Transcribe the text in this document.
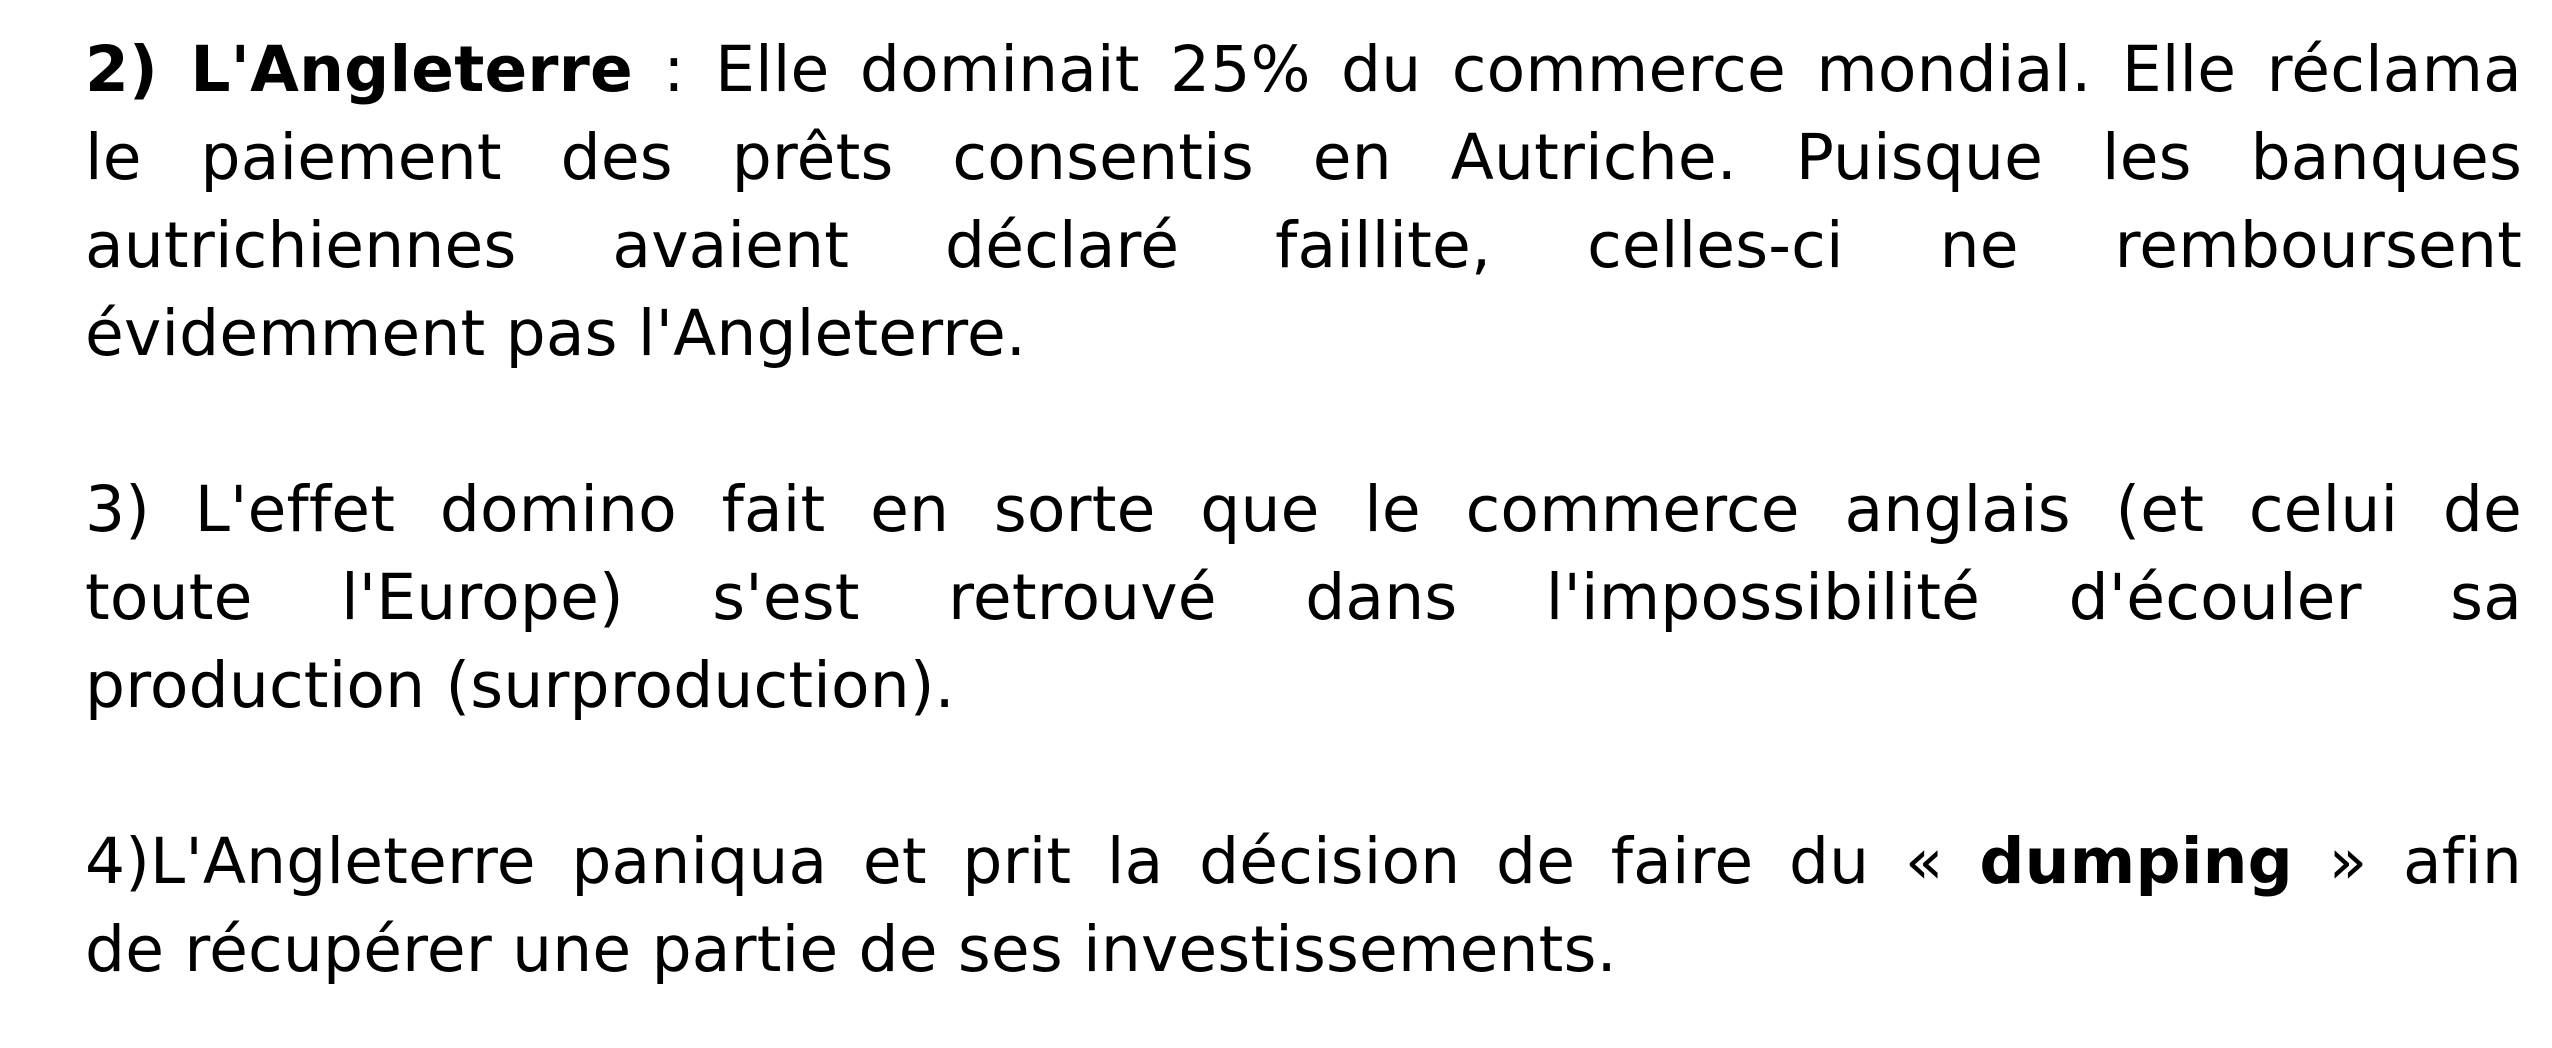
2) L'Angleterre : Elle dominait 25% du commerce mondial. Elle réclama
le paiement des prêts consentis en Autriche. Puisque les banques
autrichiennes avaient déclaré faillite, celles-ci ne remboursent
évidemment pas l'Angleterre.
3) L'effet domino fait en sorte que le commerce anglais (et celui de
toute l'Europe) s'est retrouvé dans l'impossibilité d'écouler sa
production (surproduction).
4)L'Angleterre paniqua et prit la décision de faire du « dumping » afin
de récupérer une partie de ses investissements.
